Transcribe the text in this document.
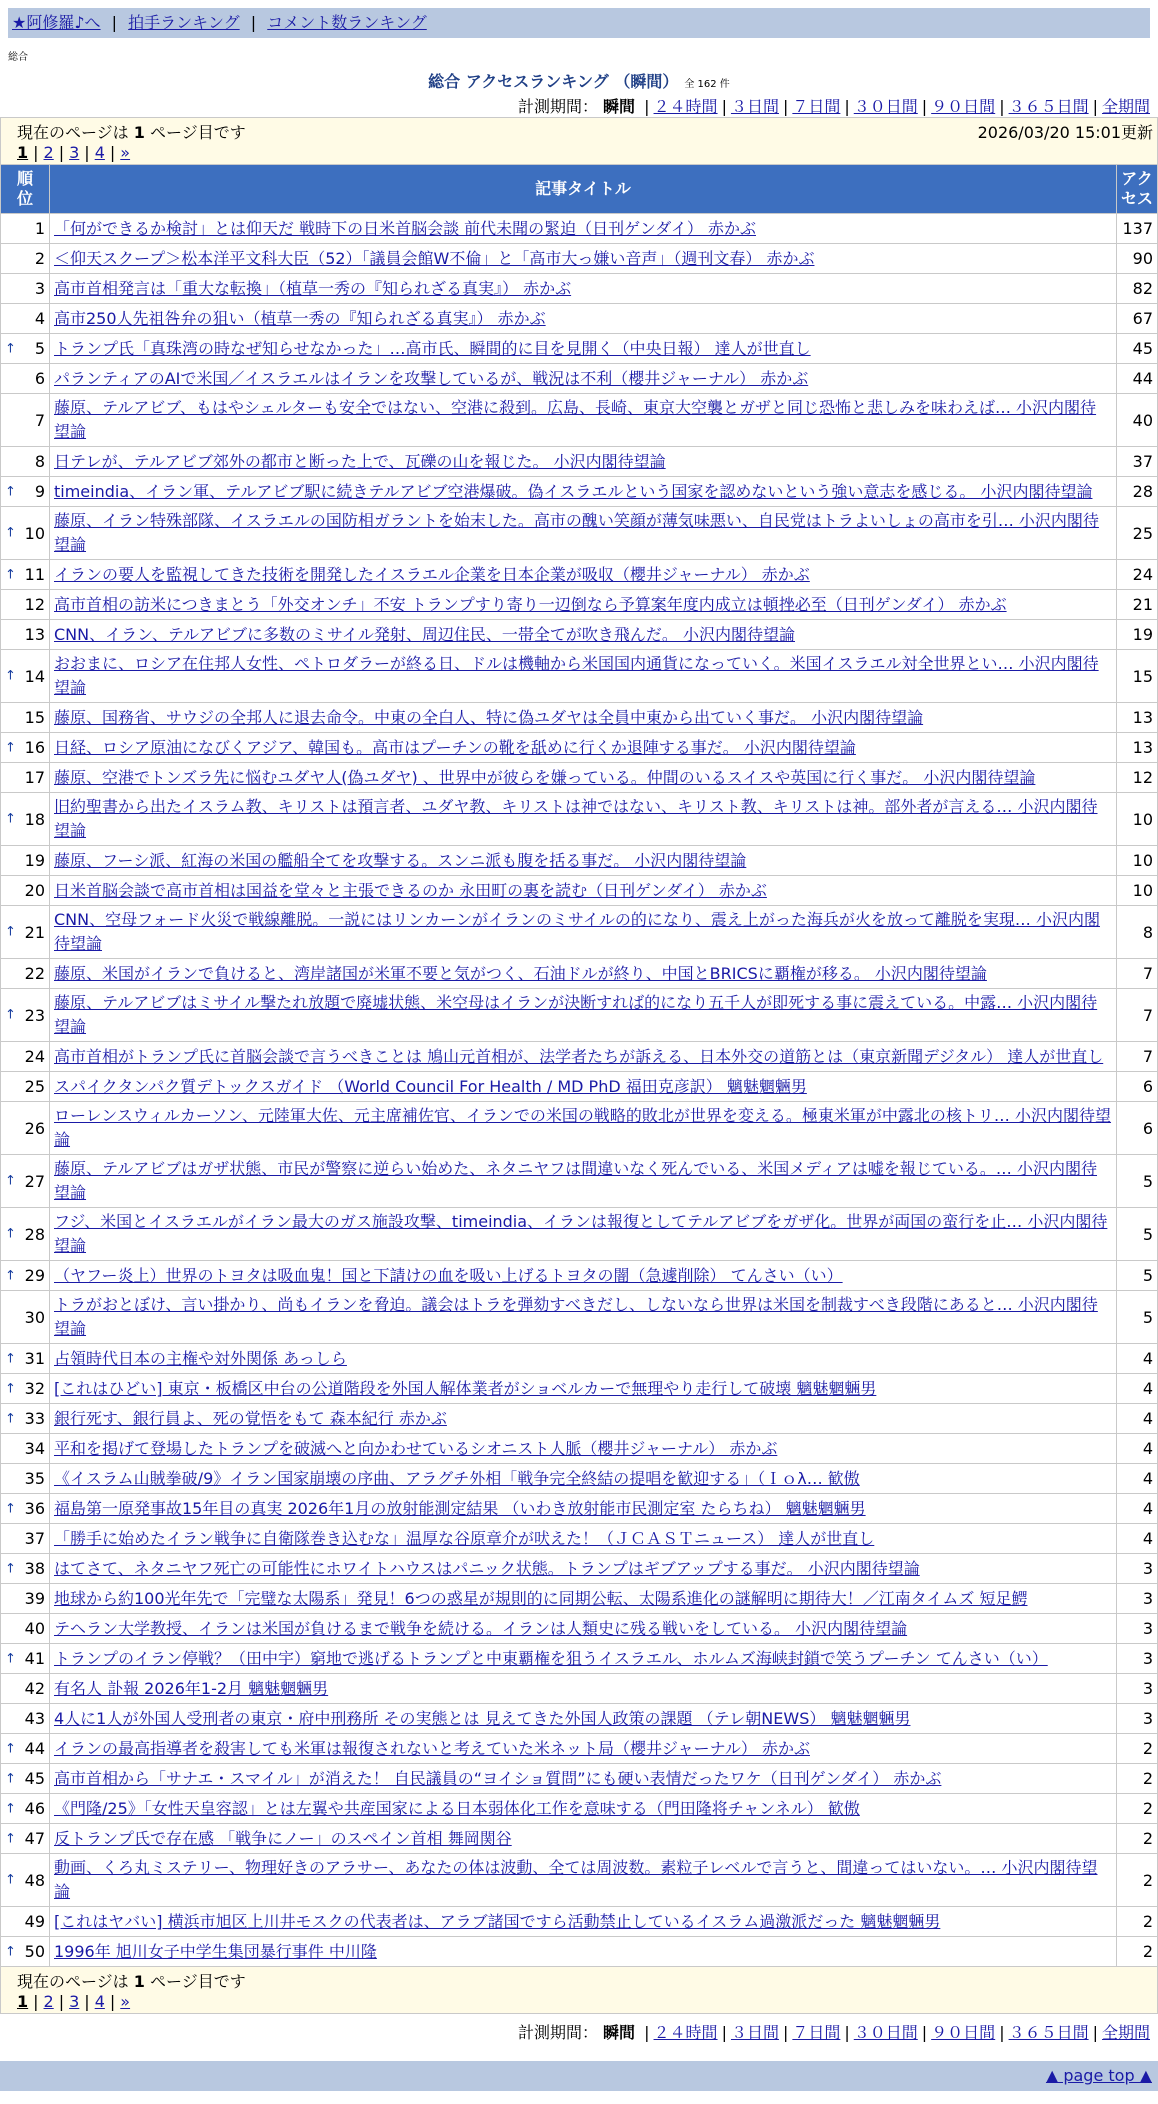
★阿修羅♪へ | 拍手ランキング | コメント数ランキング
総合
総合 アクセスランキング （瞬間） 全 162 件
計測期間： 瞬間 | ２４時間 | ３日間 | ７日間 | ３０日間 | ９０日間 | ３６５日間 | 全期間
現在のページは 1 ページ目です 2026/03/20 15:01更新
1 | 2 | 3 | 4 | »		

順位	記事タイトル	アクセス

1	「何ができるか検討」とは仰天だ 戦時下の日米首脳会談 前代未聞の緊迫（日刊ゲンダイ） 赤かぶ	137
2	＜仰天スクープ＞松本洋平文科大臣（52）「議員会館W不倫」と「高市大っ嫌い音声」（週刊文春） 赤かぶ	90
3	高市首相発言は「重大な転換」（植草一秀の『知られざる真実』） 赤かぶ	82
4	高市250人先祖咎弁の狙い（植草一秀の『知られざる真実』） 赤かぶ	67

↑ 5	トランプ氏「真珠湾の時なぜ知らせなかった」…高市氏、瞬間的に目を見開く（中央日報） 達人が世直し	45
6	パランティアのAIで米国／イスラエルはイランを攻撃しているが、戦況は不利（櫻井ジャーナル） 赤かぶ	44
7	藤原、テルアビブ、もはやシェルターも安全ではない、空港に殺到。広島、長崎、東京大空襲とガザと同じ恐怖と悲しみを味わえば… 小沢内閣待望論	40
8	日テレが、テルアビブ郊外の都市と断った上で、瓦礫の山を報じた。 小沢内閣待望論	37

↑ 9	timeindia、イラン軍、テルアビブ駅に続きテルアビブ空港爆破。偽イスラエルという国家を認めないという強い意志を感じる。 小沢内閣待望論	28

↑ 10	藤原、イラン特殊部隊、イスラエルの国防相ガラントを始末した。高市の醜い笑顔が薄気味悪い、自民党はトラよいしょの高市を引… 小沢内閣待望論	25

↑ 11	イランの要人を監視してきた技術を開発したイスラエル企業を日本企業が吸収（櫻井ジャーナル） 赤かぶ	24
12	高市首相の訪米につきまとう「外交オンチ」不安 トランプすり寄り一辺倒なら予算案年度内成立は頓挫必至（日刊ゲンダイ） 赤かぶ	21
13	CNN、イラン、テルアビブに多数のミサイル発射、周辺住民、一帯全てが吹き飛んだ。 小沢内閣待望論	19

↑ 14	おおまに、ロシア在住邦人女性、ペトロダラーが終る日、ドルは機軸から米国国内通貨になっていく。米国イスラエル対全世界とい… 小沢内閣待望論	15
15	藤原、国務省、サウジの全邦人に退去命令。中東の全白人、特に偽ユダヤは全員中東から出ていく事だ。 小沢内閣待望論	13

↑ 16	日経、ロシア原油になびくアジア、韓国も。高市はプーチンの靴を舐めに行くか退陣する事だ。 小沢内閣待望論	13
17	藤原、空港でトンズラ先に悩むユダヤ人(偽ユダヤ) 、世界中が彼らを嫌っている。仲間のいるスイスや英国に行く事だ。 小沢内閣待望論	12

↑ 18	旧約聖書から出たイスラム教、キリストは預言者、ユダヤ教、キリストは神ではない、キリスト教、キリストは神。部外者が言える… 小沢内閣待望論	10
19	藤原、フーシ派、紅海の米国の艦船全てを攻撃する。スンニ派も腹を括る事だ。 小沢内閣待望論	10
20	日米首脳会談で高市首相は国益を堂々と主張できるのか 永田町の裏を読む（日刊ゲンダイ） 赤かぶ	10

↑ 21	CNN、空母フォード火災で戦線離脱。一説にはリンカーンがイランのミサイルの的になり、震え上がった海兵が火を放って離脱を実現… 小沢内閣待望論	8
22	藤原、米国がイランで負けると、湾岸諸国が米軍不要と気がつく、石油ドルが終り、中国とBRICSに覇権が移る。 小沢内閣待望論	7

↑ 23	藤原、テルアビブはミサイル撃たれ放題で廃墟状態、米空母はイランが決断すれば的になり五千人が即死する事に震えている。中露… 小沢内閣待望論	7
24	高市首相がトランプ氏に首脳会談で言うべきことは 鳩山元首相が、法学者たちが訴える、日本外交の道筋とは（東京新聞デジタル） 達人が世直し	7
25	スパイクタンパク質デトックスガイド （World Council For Health / MD PhD 福田克彦訳） 魑魅魍魎男	6
26	ローレンスウィルカーソン、元陸軍大佐、元主席補佐官、イランでの米国の戦略的敗北が世界を変える。極東米軍が中露北の核トリ… 小沢内閣待望論	6

↑ 27	藤原、テルアビブはガザ状態、市民が警察に逆らい始めた、ネタニヤフは間違いなく死んでいる、米国メディアは嘘を報じている。… 小沢内閣待望論	5

↑ 28	フジ、米国とイスラエルがイラン最大のガス施設攻撃、timeindia、イランは報復としてテルアビブをガザ化。世界が両国の蛮行を止… 小沢内閣待望論	5

↑ 29	（ヤフー炎上）世界のトヨタは吸血鬼！国と下請けの血を吸い上げるトヨタの闇（急遽削除） てんさい（い）	5
30	トラがおとぼけ、言い掛かり、尚もイランを脅迫。議会はトラを弾劾すべきだし、しないなら世界は米国を制裁すべき段階にあると… 小沢内閣待望論	5

↑ 31	占領時代日本の主権や対外関係 あっしら	4

↑ 32	[これはひどい] 東京・板橋区中台の公道階段を外国人解体業者がショベルカーで無理やり走行して破壊 魑魅魍魎男	4

↑ 33	銀行死す、銀行員よ、死の覚悟をもて 森本紀行 赤かぶ	4
34	平和を掲げて登場したトランプを破滅へと向かわせているシオニスト人脈（櫻井ジャーナル） 赤かぶ	4
35	《イスラム山賊拳破/9》イラン国家崩壊の序曲、アラグチ外相「戦争完全終結の提唱を歓迎する」（Ｉｏλ… 歓傲	4

↑ 36	福島第一原発事故15年目の真実 2026年1月の放射能測定結果 （いわき放射能市民測定室 たらちね） 魑魅魍魎男	4
37	「勝手に始めたイラン戦争に自衛隊巻き込むな」温厚な谷原章介が吠えた！（ＪＣＡＳＴニュース） 達人が世直し	4

↑ 38	はてさて、ネタニヤフ死亡の可能性にホワイトハウスはパニック状態。トランプはギブアップする事だ。 小沢内閣待望論	3
39	地球から約100光年先で「完璧な太陽系」発見！6つの惑星が規則的に同期公転、太陽系進化の謎解明に期待大！／江南タイムズ 短足鰐	3
40	テヘラン大学教授、イランは米国が負けるまで戦争を続ける。イランは人類史に残る戦いをしている。 小沢内閣待望論	3

↑ 41	トランプのイラン停戦？（田中宇）窮地で逃げるトランプと中東覇権を狙うイスラエル、ホルムズ海峡封鎖で笑うプーチン てんさい（い）	3
42	有名人 訃報 2026年1-2月 魑魅魍魎男	3
43	4人に1人が外国人受刑者の東京・府中刑務所 その実態とは 見えてきた外国人政策の課題 （テレ朝NEWS） 魑魅魍魎男	3

↑ 44	イランの最高指導者を殺害しても米軍は報復されないと考えていた米ネット局（櫻井ジャーナル） 赤かぶ	2

↑ 45	高市首相から「サナエ・スマイル」が消えた！ 自民議員の“ヨイショ質問”にも硬い表情だったワケ（日刊ゲンダイ） 赤かぶ	2

↑ 46	《門隆/25》「女性天皇容認」とは左翼や共産国家による日本弱体化工作を意味する（門田隆将チャンネル） 歓傲	2

↑ 47	反トランプ氏で存在感 「戦争にノー」のスペイン首相 舞岡関谷	2

↑ 48	動画、くろ丸ミステリー、物理好きのアラサー、あなたの体は波動、全ては周波数。素粒子レベルで言うと、間違ってはいない。… 小沢内閣待望論	2
49	[これはヤバい] 横浜市旭区上川井モスクの代表者は、アラブ諸国ですら活動禁止しているイスラム過激派だった 魑魅魍魎男	2

↑ 50	1996年 旭川女子中学生集団暴行事件 中川隆	2

現在のページは 1 ページ目です
1 | 2 | 3 | 4 | »		
計測期間： 瞬間 | ２４時間 | ３日間 | ７日間 | ３０日間 | ９０日間 | ３６５日間 | 全期間
▲ page top ▲
